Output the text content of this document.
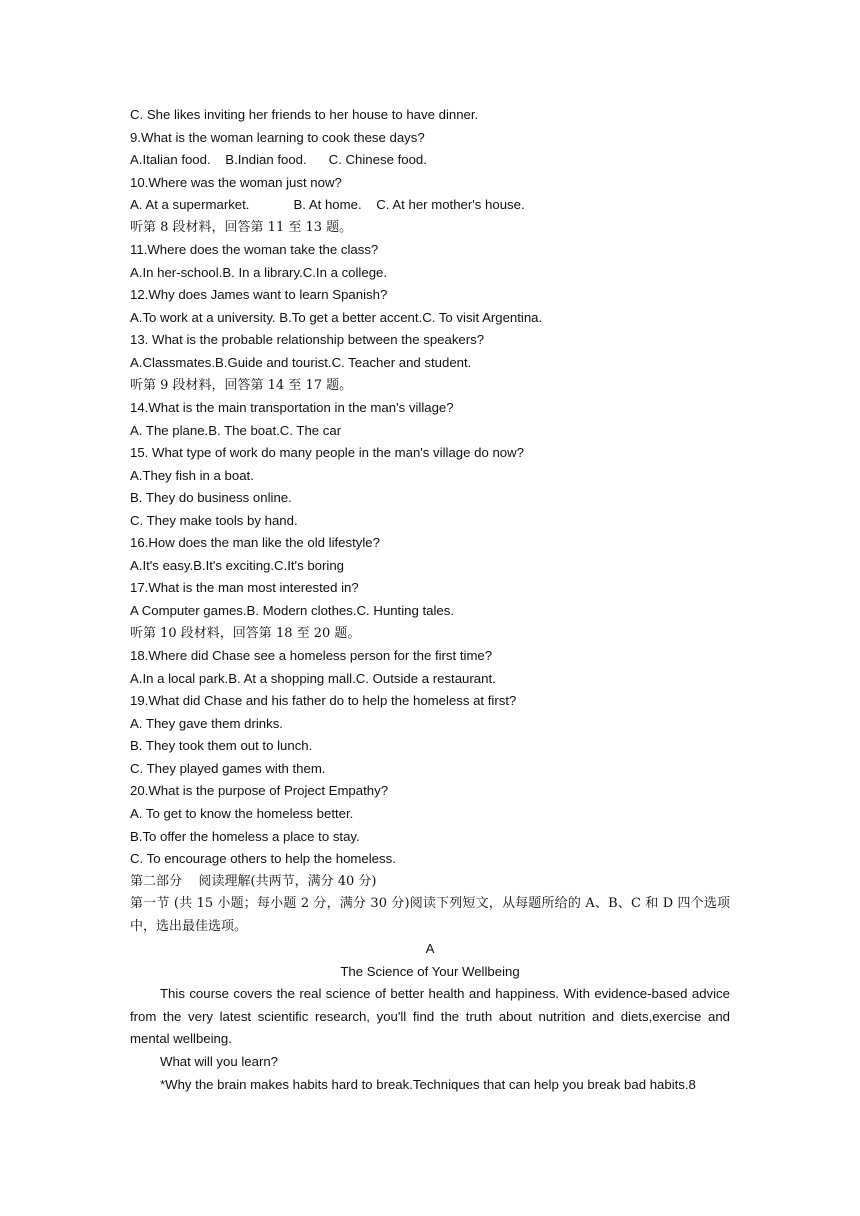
C. She likes inviting her friends to her house to have dinner.
9.What is the woman learning to cook these days?
A.Italian food.    B.Indian food.      C. Chinese food.
10.Where was the woman just now?
A. At a supermarket.            B. At home.    C. At her mother's house.
听第 8 段材料，回答第 11 至 13 题。
11.Where does the woman take the class?
A.In her-school.B. In a library.C.In a college.
12.Why does James want to learn Spanish?
A.To work at a university. B.To get a better accent.C. To visit Argentina.
13. What is the probable relationship between the speakers?
A.Classmates.B.Guide and tourist.C. Teacher and student.
听第 9 段材料，回答第 14 至 17 题。
14.What is the main transportation in the man's village?
A. The plane.B. The boat.C. The car
15. What type of work do many people in the man's village do now?
A.They fish in a boat.
B. They do business online.
C. They make tools by hand.
16.How does the man like the old lifestyle?
A.It's easy.B.It's exciting.C.It's boring
17.What is the man most interested in?
A Computer games.B. Modern clothes.C. Hunting tales.
听第 10 段材料，回答第 18 至 20 题。
18.Where did Chase see a homeless person for the first time?
A.In a local park.B. At a shopping mall.C. Outside a restaurant.
19.What did Chase and his father do to help the homeless at first?
A. They gave them drinks.
B. They took them out to lunch.
C. They played games with them.
20.What is the purpose of Project Empathy?
A. To get to know the homeless better.
B.To offer the homeless a place to stay.
C. To encourage others to help the homeless.
第二部分    阅读理解(共两节，满分 40 分)
第一节 (共 15 小题；每小题 2 分，满分 30 分)阅读下列短文，从每题所给的 A、B、C 和 D 四个选项中，选出最佳选项。
A
The Science of Your Wellbeing
This course covers the real science of better health and happiness. With evidence-based advice from the very latest scientific research, you'll find the truth about nutrition and diets,exercise and mental wellbeing.
What will you learn?
*Why the brain makes habits hard to break.Techniques that can help you break bad habits.8
